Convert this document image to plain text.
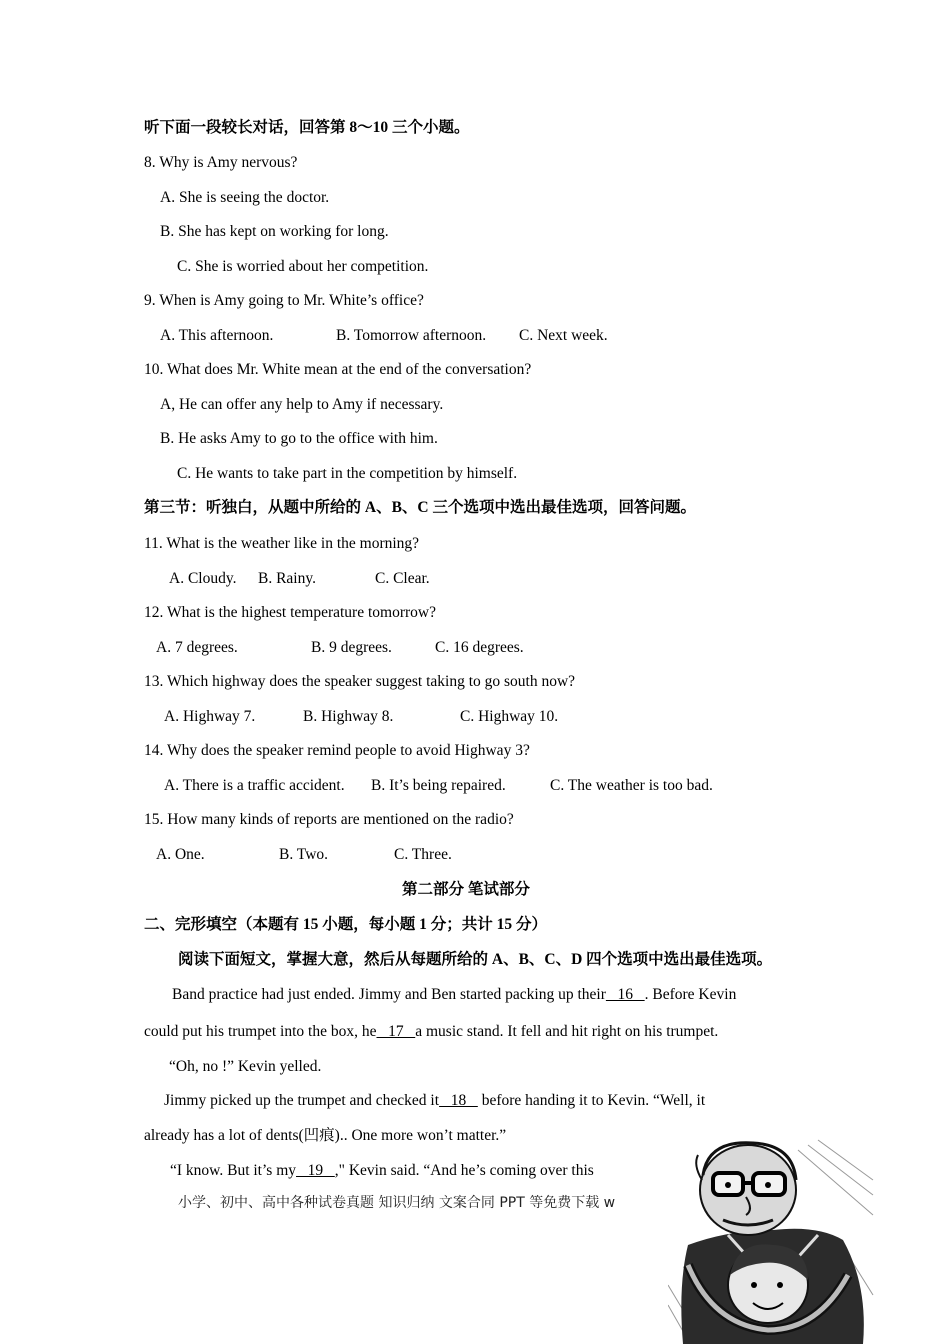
听下面一段较长对话，回答第 8～10 三个小题。
8. Why is Amy nervous?
A. She is seeing the doctor.
B. She has kept on working for long.
C. She is worried about her competition.
9. When is Amy going to Mr. White’s office?
A. This afternoon.	B. Tomorrow afternoon. C. Next week.
10. What does Mr. White mean at the end of the conversation?
A, He can offer any help to Amy if necessary.
B. He asks Amy to go to the office with him.
C. He wants to take part in the competition by himself.
第三节：听独白，从题中所给的 A、B、C 三个选项中选出最佳选项，回答问题。
11. What is the weather like in the morning?
A. Cloudy. B. Rainy.	C. Clear.
12. What is the highest temperature tomorrow?
A. 7 degrees.	B. 9 degrees.	C. 16 degrees.
13. Which highway does the speaker suggest taking to go south now?
A. Highway 7.	B. Highway 8.	C. Highway 10.
14. Why does the speaker remind people to avoid Highway 3?
A. There is a traffic accident. B. It’s being repaired.	C. The weather is too bad.
15. How many kinds of reports are mentioned on the radio?
A. One.	B. Two.	C. Three.
第二部分 笔试部分
二、完形填空（本题有 15 小题，每小题 1 分；共计 15 分）
阅读下面短文，掌握大意，然后从每题所给的 A、B、C、D 四个选项中选出最佳选项。
Band practice had just ended. Jimmy and Ben started packing up their   16   . Before Kevin
could put his trumpet into the box, he   17   a music stand. It fell and hit right on his trumpet.
“Oh, no !” Kevin yelled.
Jimmy picked up the trumpet and checked it   18    before handing it to Kevin. “Well, it
already has a lot of dents(凹痕).. One more won’t matter.”
“I know. But it’s my   19   ," Kevin said. “And he’s coming over this
小学、初中、高中各种试卷真题 知识归纳 文案合同 PPT 等免费下载 w
